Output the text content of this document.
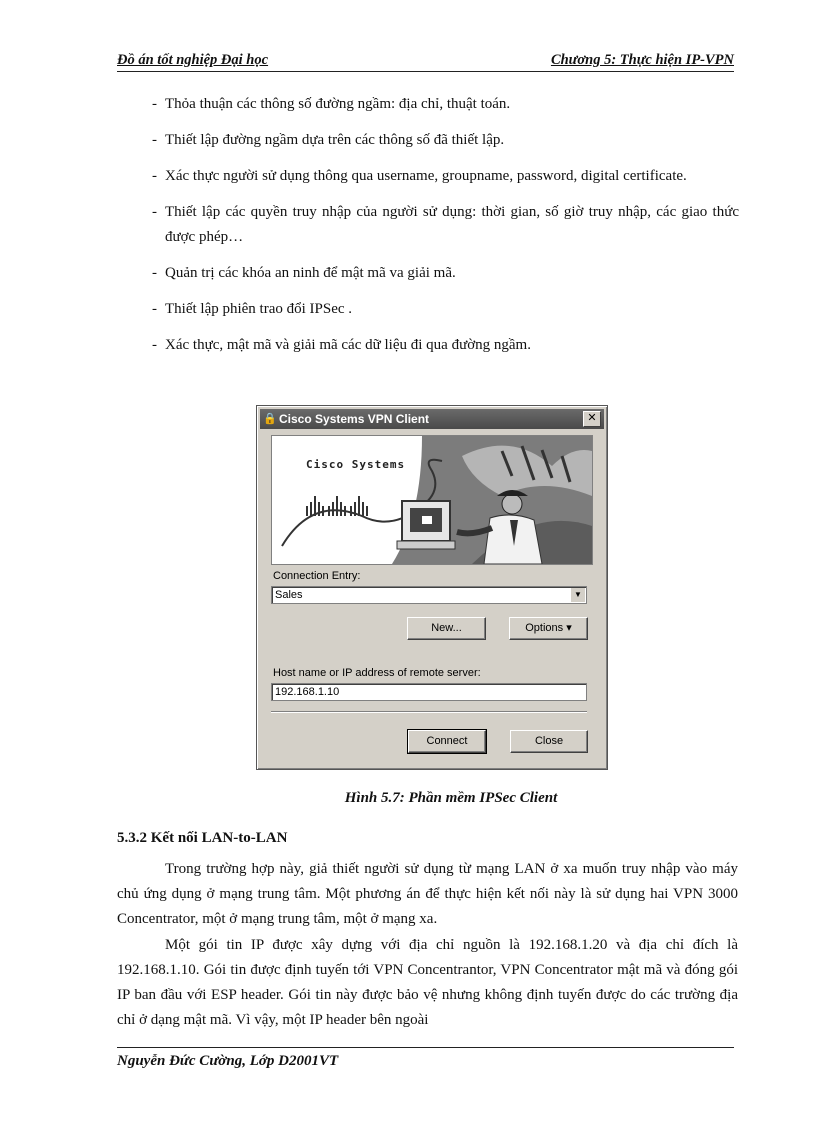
Đồ án tốt nghiệp Đại học	Chương 5: Thực hiện IP-VPN
- Thỏa thuận các thông số đường ngầm: địa chỉ, thuật toán.
- Thiết lập đường ngầm dựa trên các thông số đã thiết lập.
- Xác thực người sử dụng thông qua username, groupname, password, digital certificate.
- Thiết lập các quyền truy nhập của người sử dụng: thời gian, số giờ truy nhập, các giao thức được phép…
- Quản trị các khóa an ninh để mật mã va giải mã.
- Thiết lập phiên trao đổi IPSec .
- Xác thực, mật mã và giải mã các dữ liệu đi qua đường ngầm.
🔒 Cisco Systems VPN Client	✕
Cisco Systems
Connection Entry:
Sales	▼
New...	Options ▾
Host name or IP address of remote server:
192.168.1.10
Connect	Close
Hình 5.7: Phần mềm IPSec Client
5.3.2 Kết nối LAN-to-LAN
Trong trường hợp này, giả thiết người sử dụng từ mạng LAN ở xa muốn truy nhập vào máy chủ ứng dụng ở mạng trung tâm. Một phương án để thực hiện kết nối này là sử dụng hai VPN 3000 Concentrator, một ở mạng trung tâm, một ở mạng xa.
Một gói tin IP được xây dựng với địa chỉ nguồn là 192.168.1.20 và địa chỉ đích là 192.168.1.10. Gói tin được định tuyến tới VPN Concentrantor, VPN Concentrator mật mã và đóng gói IP ban đầu với ESP header. Gói tin này được bảo vệ nhưng không định tuyến được do các trường địa chỉ ở dạng mật mã. Vì vậy, một IP header bên ngoài
Nguyễn Đức Cường, Lớp D2001VT
